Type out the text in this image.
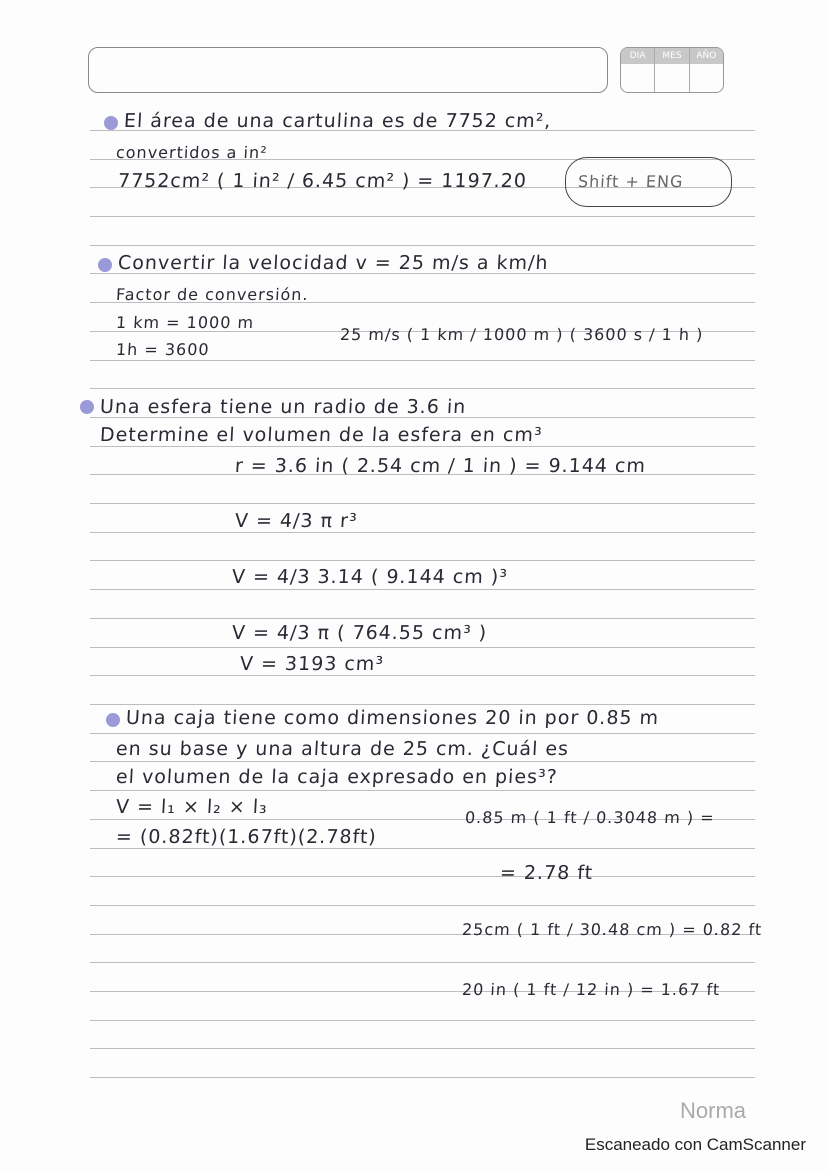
DIA	MES	AÑO
El área de una cartulina es de 7752 cm²,
convertidos a in²
7752cm² ( 1 in² / 6.45 cm² ) = 1197.20	Shift + ENG
Convertir la velocidad v = 25 m/s a km/h
Factor de conversión.
1 km = 1000 m
1h = 3600
25 m/s ( 1 km / 1000 m ) ( 3600 s / 1 h )
Una esfera tiene un radio de 3.6 in
Determine el volumen de la esfera en cm³
r = 3.6 in ( 2.54 cm / 1 in ) = 9.144 cm
V = 4/3 π r³
V = 4/3 3.14 ( 9.144 cm )³
V = 4/3 π ( 764.55 cm³ )
V = 3193 cm³
Una caja tiene como dimensiones 20 in por 0.85 m
en su base y una altura de 25 cm. ¿Cuál es
el volumen de la caja expresado en pies³?
V = l₁ × l₂ × l₃
= (0.82ft)(1.67ft)(2.78ft)
0.85 m ( 1 ft / 0.3048 m ) =
= 2.78 ft
25cm ( 1 ft / 30.48 cm ) = 0.82 ft
20 in ( 1 ft / 12 in ) = 1.67 ft
Norma
Escaneado con CamScanner
